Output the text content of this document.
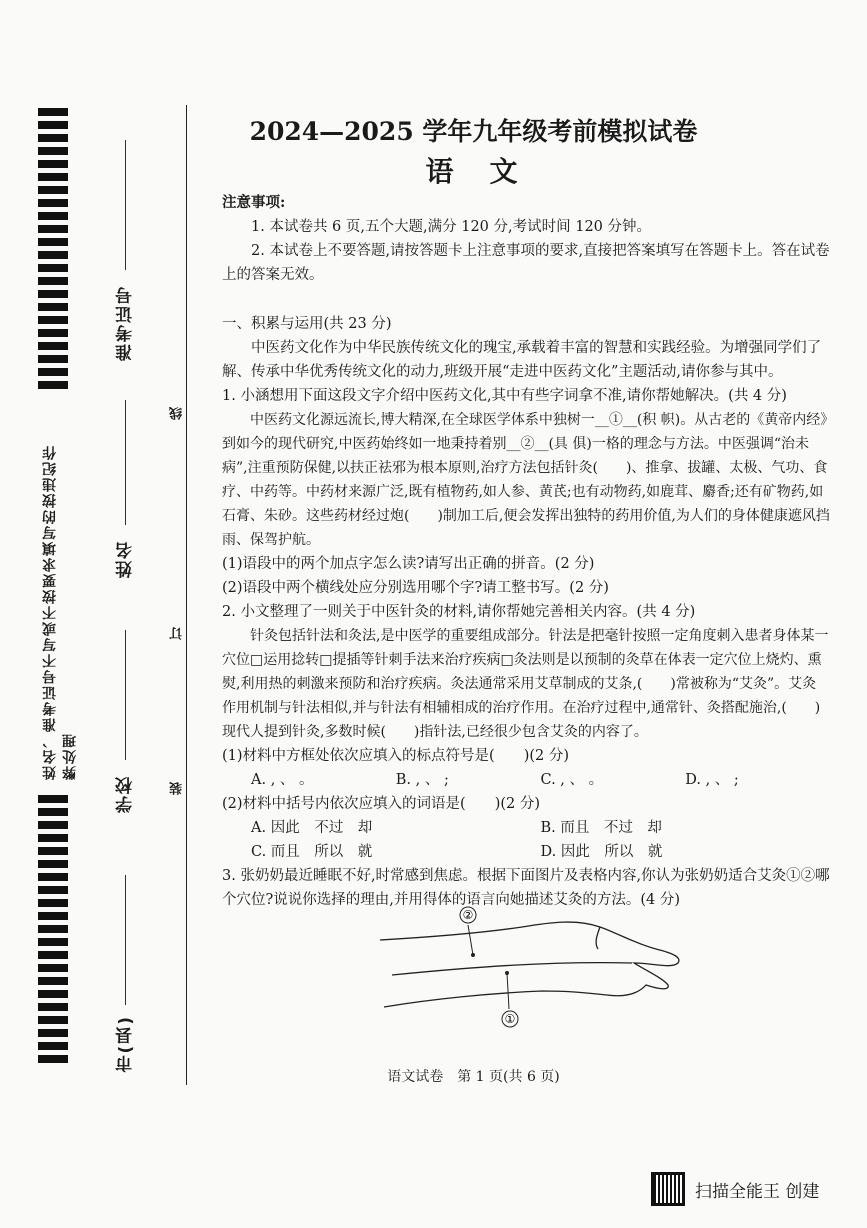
姓名、准考证号不写或不按要求填写的按违纪作弊处理
线
订
装
准考证号
姓名
学校
市(县)
2024—2025 学年九年级考前模拟试卷
语　文

注意事项:

1. 本试卷共 6 页,五个大题,满分 120 分,考试时间 120 分钟。

2. 本试卷上不要答题,请按答题卡上注意事项的要求,直接把答案填写在答题卡上。答在试卷上的答案无效。

一、积累与运用(共 23 分)

中医药文化作为中华民族传统文化的瑰宝,承载着丰富的智慧和实践经验。为增强同学们了解、传承中华优秀传统文化的动力,班级开展“走进中医药文化”主题活动,请你参与其中。

1. 小涵想用下面这段文字介绍中医药文化,其中有些字词拿不准,请你帮她解决。(共 4 分)

中医药文化源远流长,博大精深,在全球医学体系中独树一__①__(积 帜)。从古老的《黄帝内经》到如今的现代研究,中医药始终如一地秉持着别__②__(具 俱)一格的理念与方法。中医强调“治未病”,注重预防保健,以扶正祛邪为根本原则,治疗方法包括针灸(　　)、推拿、拔罐、太极、气功、食疗、中药等。中药材来源广泛,既有植物药,如人参、黄芪;也有动物药,如鹿茸、麝香;还有矿物药,如石膏、朱砂。这些药材经过炮(　　)制加工后,便会发挥出独特的药用价值,为人们的身体健康遮风挡雨、保驾护航。

(1)语段中的两个加点字怎么读?请写出正确的拼音。(2 分)

(2)语段中两个横线处应分别选用哪个字?请工整书写。(2 分)

2. 小文整理了一则关于中医针灸的材料,请你帮她完善相关内容。(共 4 分)

针灸包括针法和灸法,是中医学的重要组成部分。针法是把毫针按照一定角度刺入患者身体某一穴位□运用捻转□提插等针刺手法来治疗疾病□灸法则是以预制的灸草在体表一定穴位上烧灼、熏熨,利用热的刺激来预防和治疗疾病。灸法通常采用艾草制成的艾条,(　　)常被称为“艾灸”。艾灸作用机制与针法相似,并与针法有相辅相成的治疗作用。在治疗过程中,通常针、灸搭配施治,(　　)现代人提到针灸,多数时候(　　)指针法,已经很少包含艾灸的内容了。

(1)材料中方框处依次应填入的标点符号是(　　)(2 分)

A. , 、 。	B. , 、 ;	C. , 、 。	D. , 、 ;

(2)材料中括号内依次应填入的词语是(　　)(2 分)

A. 因此　不过　却	B. 而且　不过　却
C. 而且　所以　就	D. 因此　所以　就

3. 张奶奶最近睡眠不好,时常感到焦虑。根据下面图片及表格内容,你认为张奶奶适合艾灸①②哪个穴位?说说你选择的理由,并用得体的语言向她描述艾灸的方法。(4 分)

②
①
语文试卷　第 1 页(共 6 页)
扫描全能王 创建
